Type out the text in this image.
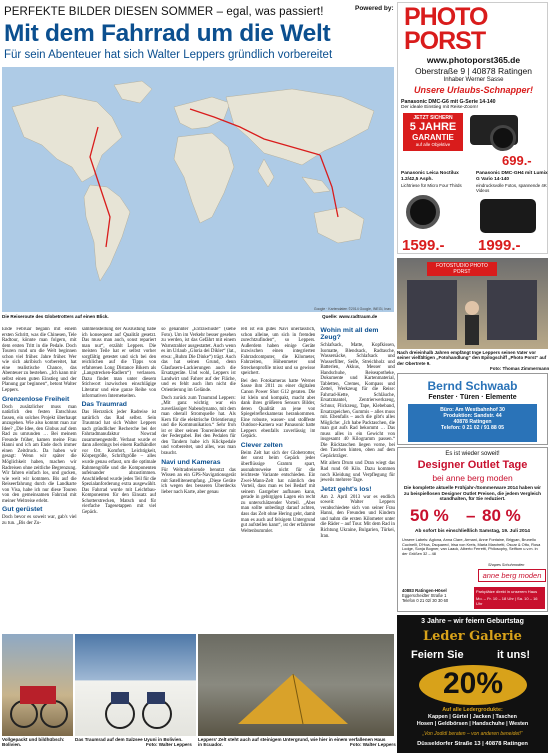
PERFEKTE BILDER DIESEN SOMMER – egal, was passiert!
Mit dem Fahrrad um die Welt
Für sein Abenteuer hat sich Walter Leppers gründlich vorbereitet
Powered by:
Google · Kartendaten ©2014 Google, INEGI, Inav
Die Reiseroute des Globetrotters auf einen Blick.	Quelle: www.radtraum.de

Ende Februar begann mit einem ersten Schritt, was die Chinesen, Tele Radtour, könnte man folgern, mit dem ersten Tritt in die Pedale. Doch Touren rund um die Welt beginnen schon viel früher. Jahre früher. Wer wie sich akribisch vorbereitet, hat eine realistische Chance, das Abenteuer zu bestehen. „Ich kann mir selbst einen guten Einstieg und der Planung gar beginnen“, betont Walter Leppers.

Grenzenlose Freiheit

Doch zusätzlicher muss man natürlich den festen Entschluss fassen, ein solches Projekt überhaupt anzugehen. Wie also kommt man zur Idee? „Die Idee, den Globus auf dem Rad zu umrunden … Bei meinem Freunde früher, kamen meine Frau Hanni und ich am Ende doch immer einen Zeitdruck. Da haben wir gesagt: Wenn wir später die Möglichkeit haben, machen wir Radreisen ohne zeitliche Begrenzung. Wir fahren einfach los, und gucken, wie weit wir kommen. Bis auf die Reiseerfahrung durch die Landkarte von Visa, habe ich nur diese Touren von den gemeinsamen Fahrrad mit meiner Weltreise erlebt.

Gut gerüstet

Doch bevor es soweit war, gab's viel zu tun. „Bis der Zu-

sammenstellung der Ausrüstung habe ich konsequent auf Qualität gesetzt. Das muss man auch, sonst repariert man nur“, erzählt Leppers. Die meisten Teile hat er selbst vorher sorgfältig getestet und sich bei den reichlichen auf die Tipps von erfahrenen Long Distance Bikern als „Langstrecken-Radlern“) verlassen. Dazu findet man unter diesem Stichwort inzwischen einschlägige Literatur und eine ganze Reihe von informativen Internetseiten.

Das Traumrad

Das Herzstück jeder Radreise ist natürlich das Rad selbst. Sein Traumrad hat sich Walter Leppers nach gründlicher Recherche bei der Fahrradmanufaktur Nowrad zusammengestellt. Verbaut wurde er dann allerdings bei einem Radhändler vor Ort. Komfort, Leichtigkeit, Körpergröße, Schriftgröße – alles wurde genau erfasst, um die optimale Rahmengröße und die Komponenten aufeinander abzustimmen. Anschließend wurde jedes Teil für die Spezialanforderung extra ausgewählt. Das Fahrrad wurde mit Leichtbau-Komponenten für den Einsatz auf Schotterstrecken, Matsch und für vierfache Tagesetappen mit viel Gepäck.

so genannter „Extrawhuste“ (siehe Foto). Um im Verkehr besser gesehen zu werden, ist das Gefährt mit einem Warnstrahler ausgestattet. Auch wenn es im Urlaub „Gloria dei Dikler“ (lat., etwa: „Ruhm Die Dinke“) trägt. Auch das hat seinen Grund, denn Glasfasern-Lackierungen auch die Ersatzgeräte. Und wohl, Leppers ist Landwirt und Fahrer auf der Fläche, und es fehlt auch ihm nicht die Orientierung im Gelände.

Doch zurück zum Traumrad Leppers: „Mit ganz wichtig war ein zuverlässiger Nabendynamo, mit dem man oberall Stromquelle hat. Als Kern für die elektrische Orientierung und die Kommunikation.“ Sehr froh ist er über seinen Tourenlenker mit der Federgabel. Bei den Pedalen für den Tandem habe ich Klickpedale und vorbereitet, und alles, was man braucht.

Navi und Kameras

Für Weltradreisende benutzt das Wissen an ein GPS-Navigationsgerät mit Satellitenempfang. „Diese Geräte ich wegen des besseren Überdecks lieber nach Karte, aber genau

rell ist ein gutes Navi unerlässlich, schon alleine, um sich in fremden zurechtzufinden“, so Leppers. Außerdem haben einige Geräte inzwischen einen integrierten Fahrradcomputer, die Kilometer, Fahrzeiten, Höhenmeter und Streckenprofile misst und so gewisse speichert.

Bei den Fotokameras hatte Werner Sasse ihm 2011 zu einer digitalen Canon Power Shot G12 geraten. Die ist klein und kompakt, macht aber dank ihres größeren Sensors Bilder, deren Qualität an jene von Spiegelreflexkameras herankommen. Eine robuste, wasser- und stoßfeste Outdoor-Kamera war Panasonic hatte Leppers ebenfalls zuverlässig im Gepäck.

Clever zelten

Beim Zelt hat sich der Globetrotter, der sonst beim Gepäck jedes überflüssige Gramm spart, ausnahmsweise nicht für die leichteste Variante entschieden. Ein Zwei-Mann-Zelt hat nämlich den Vorteil, dass man es bei Bedarf mit seinem Gastgeber aufbauen kann, gerade in gebirgigen Lagen ein recht zu unterschätzender Vorteil. „Aber man sollte unbedingt darauf achten, dass das Zelt ohne Hering geht, damit man es auch auf felsigem Untergrund gut aufstellen kann“, ist der erfahrene Weltenbummler.

Wohin mit all dem Zeug?

Schlafsack, Matte, Kopfkissen, Isomatte, Blendsack, Radtasche, Wassersäcke, Schlafsack und Wasserfilter, Seife, Streichholz und Batterien, Akkus, Messer und Handschuhe, Reiseapotheke, Dokumente und Kartenmaterial, Tabletten, Cremes, Kompass und Zettel, Werkzeug für die Reise: Fahrrad-Kette, Schläuche, Ersatzmantel, Zentrierwerkzeug, Schnur, Flickzeug, Tape, Klebeband, Ersatzspeichen, Gummis – alles muss mit. Ebenfalls – auch die gibt's alles Mögliche: „Ich habe Packtaschen, die man gut aufs Rad bekommt … Das muss alles in ein Gewicht von insgesamt 40 Kilogramm passen.“ Die Rücktaschen liegen vorne, bei den Taschen hinten, oben auf dem Gepäckträger.

Mit allem Drum und Dran wiegt das Rad rund 60 Kilo. Dazu kommen noch Kleidung und Verpflegung für jeweils mehrere Tage.

Jetzt geht's los!

Am 2. April 2013 war es endlich soweit: Walter Leppers verabschiedete sich von seiner Frau Hanni, den Freunden und Kindern und nahm die ersten Kilometer unter die Räder – auf Tour. Mit dem Rad in Richtung Ukraine, Bulgarien, Türkei, Iran.

Vollgepackt und bildhübsch: Bolivien.
Das Traumrad auf dem Salzsee Uyuni in Bolivien.
Foto: Walter Leppers
Leppers' Zelt steht auch auf steinigem Untergrund, wie hier in einem verfallenen Haus in Ecuador.	Foto: Walter Leppers
PHOTO
PORST
www.photoporst365.de
Oberstraße 9 | 40878 Ratingen
Inhaber Werner Sasse
Unsere Urlaubs-Schnapper!
Panasonic DMC-G6 mit G-Serie 14-140
Der ideale Einstieg mit Reise-Zoom!
JETZT SICHERN
5 JAHRE
GARANTIE
auf alle Objektive
699.-
Panasonic Leica Noctilux 1.2/42,5 Asph.
Lichtriese für Micro Four Thirds
Panasonic DMC-GH4 mit Lumix G Vario 14-140
eindrucksvolle Fotos, spannende 4K Videos
1599.- 1999.-
FOTOSTUDIO PHOTO PORST
Nach dreieinhalb Jahren empfängt Inge Leppers seinen Vater vor seiner vielfältigen „Fotohandlung“ den Epilogschiff „Photo Porst“ auf der Obertrete 9.
Foto: Thomas Zimmermann
Bernd Schwaab
Fenster · Türen · Elemente
Büro: Am Westbahnhof 30
Produktion: Sandstr. 44
40878 Ratingen
Telefon: 0 21 02 / 91 88 05
Es ist wieder soweit!
Designer Outlet Tage
bei anne berg moden
Die komplette aktuelle Frühjahr-/Sommerware 2014 haben wir zu beispiellosen Designer Outlet Preisen, die jedem Vergleich standhalten, für Sie reduziert.
50 % – 80 %
Ab sofort bis einschließlich Samstag, 19. Juli 2014
Unsere Labels: Aglona, Anna Clare, Armani, Anne Fontaine, Brigyan, Brunello Cucinelli, D'Hoa, Dsquared, Irisa von Kreis, Maria Marchetti, Oscar & Otto, Rosa Lodge, Sonja Bogner, van Laack, Alberto Ferretti, Philosophy, Seiftom u.v.m. in der Größen 32 – 48
Shapes Schuhmoden
anne berg moden
40883 Ratingen-Hösel
Eggerscheidter Straße 1
Telefon 0 21 02/ 30 30 60
Parkplätze direkt in unserem Haus
Mo. – Fr. 10 – 18 Uhr | Sa. 10 – 16 Uhr
3 Jahre – wir feiern Geburtstag
Leder Galerie
Feiern Sie	it uns!
20%
Auf alle Ledergrodukte:
Kappen | Gürtel | Jacken | Taschen
Hosen | Geldbörsen | Handschuhe | Westen
„Von Jodidi beraten – von anderen beneidet!“
Düsseldorfer Straße 13 | 40878 Ratingen
